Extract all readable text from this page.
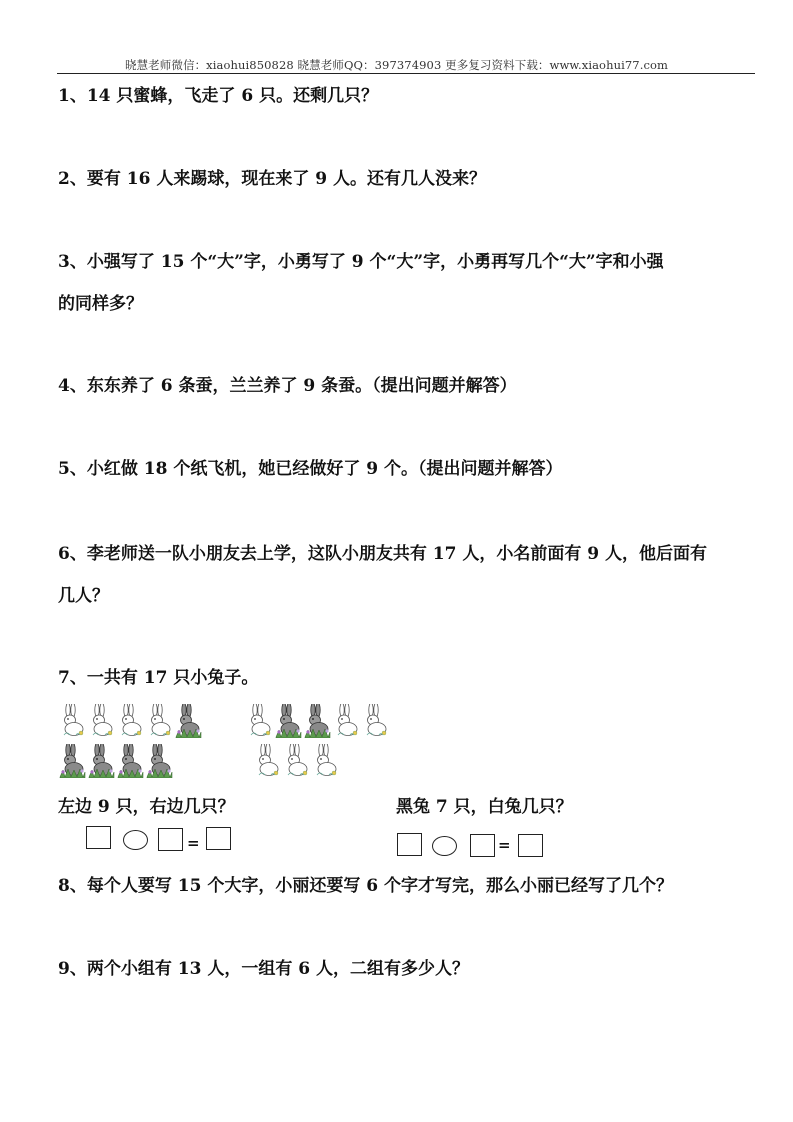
晓慧老师微信：xiaohui850828 晓慧老师QQ：397374903 更多复习资料下载：www.xiaohui77.com
1、14 只蜜蜂，飞走了 6 只。还剩几只？
2、要有 16 人来踢球，现在来了 9 人。还有几人没来？
3、小强写了 15 个“大”字，小勇写了 9 个“大”字，小勇再写几个“大”字和小强
的同样多？
4、东东养了 6 条蚕，兰兰养了 9 条蚕。（提出问题并解答）
5、小红做 18 个纸飞机，她已经做好了 9 个。（提出问题并解答）
6、李老师送一队小朋友去上学，这队小朋友共有 17 人，小名前面有 9 人，他后面有
几人？
7、一共有 17 只小兔子。
左边 9 只，右边几只？	黑兔 7 只，白兔几只？
=	=
8、每个人要写 15 个大字，小丽还要写 6 个字才写完，那么小丽已经写了几个？
9、两个小组有 13 人，一组有 6 人，二组有多少人？
